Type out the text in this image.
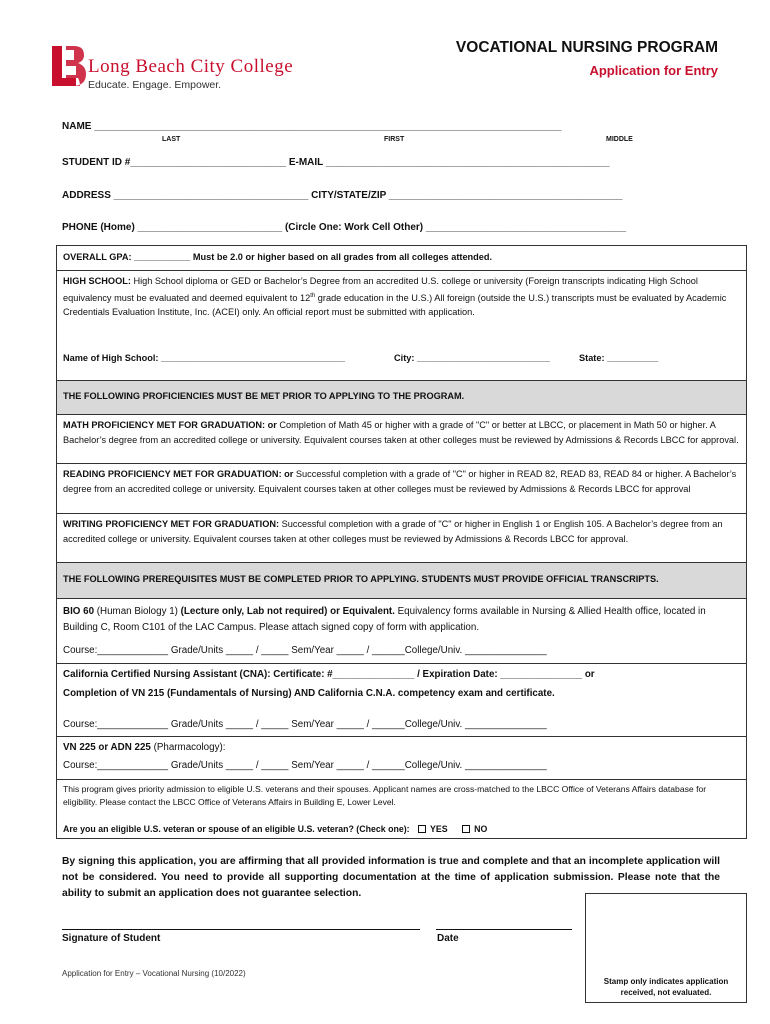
Long Beach City College
Educate. Engage. Empower.
VOCATIONAL NURSING PROGRAM
Application for Entry
NAME ____________________________________________________________________________________
LAST	FIRST	MIDDLE
STUDENT ID #____________________________ E-MAIL ___________________________________________________
ADDRESS ___________________________________ CITY/STATE/ZIP __________________________________________
PHONE (Home) __________________________ (Circle One: Work Cell Other) ____________________________________
OVERALL GPA: ___________ Must be 2.0 or higher based on all grades from all colleges attended.
HIGH SCHOOL: High School diploma or GED or Bachelor’s Degree from an accredited U.S. college or university (Foreign transcripts indicating High School equivalency must be evaluated and deemed equivalent to 12th grade education in the U.S.) All foreign (outside the U.S.) transcripts must be evaluated by Academic Credentials Evaluation Institute, Inc. (ACEI) only. An official report must be submitted with application.
Name of High School: ____________________________________	City: __________________________	State: __________
THE FOLLOWING PROFICIENCIES MUST BE MET PRIOR TO APPLYING TO THE PROGRAM.
MATH PROFICIENCY MET FOR GRADUATION: or Completion of Math 45 or higher with a grade of "C" or better at LBCC, or placement in Math 50 or higher. A Bachelor’s degree from an accredited college or university. Equivalent courses taken at other colleges must be reviewed by Admissions & Records LBCC for approval.
READING PROFICIENCY MET FOR GRADUATION: or Successful completion with a grade of "C" or higher in READ 82, READ 83, READ 84 or higher. A Bachelor’s degree from an accredited college or university. Equivalent courses taken at other colleges must be reviewed by Admissions & Records LBCC for approval
WRITING PROFICIENCY MET FOR GRADUATION: Successful completion with a grade of "C" or higher in English 1 or English 105. A Bachelor’s degree from an accredited college or university. Equivalent courses taken at other colleges must be reviewed by Admissions & Records LBCC for approval.
THE FOLLOWING PREREQUISITES MUST BE COMPLETED PRIOR TO APPLYING. STUDENTS MUST PROVIDE OFFICIAL TRANSCRIPTS.
BIO 60 (Human Biology 1) (Lecture only, Lab not required) or Equivalent. Equivalency forms available in Nursing & Allied Health office, located in Building C, Room C101 of the LAC Campus. Please attach signed copy of form with application.
Course:_____________ Grade/Units _____ / _____ Sem/Year _____ / ______College/Univ. _______________
California Certified Nursing Assistant (CNA): Certificate: #_______________ / Expiration Date: _______________ or
Completion of VN 215 (Fundamentals of Nursing) AND California C.N.A. competency exam and certificate.
Course:_____________ Grade/Units _____ / _____ Sem/Year _____ / ______College/Univ. _______________
VN 225 or ADN 225 (Pharmacology):
Course:_____________ Grade/Units _____ / _____ Sem/Year _____ / ______College/Univ. _______________
This program gives priority admission to eligible U.S. veterans and their spouses. Applicant names are cross-matched to the LBCC Office of Veterans Affairs database for eligibility. Please contact the LBCC Office of Veterans Affairs in Building E, Lower Level.
Are you an eligible U.S. veteran or spouse of an eligible U.S. veteran? (Check one): YES	NO
By signing this application, you are affirming that all provided information is true and complete and that an incomplete application will not be considered. You need to provide all supporting documentation at the time of application submission. Please note that the ability to submit an application does not guarantee selection.
Signature of Student	Date
Application for Entry – Vocational Nursing (10/2022)
Stamp only indicates application received, not evaluated.
